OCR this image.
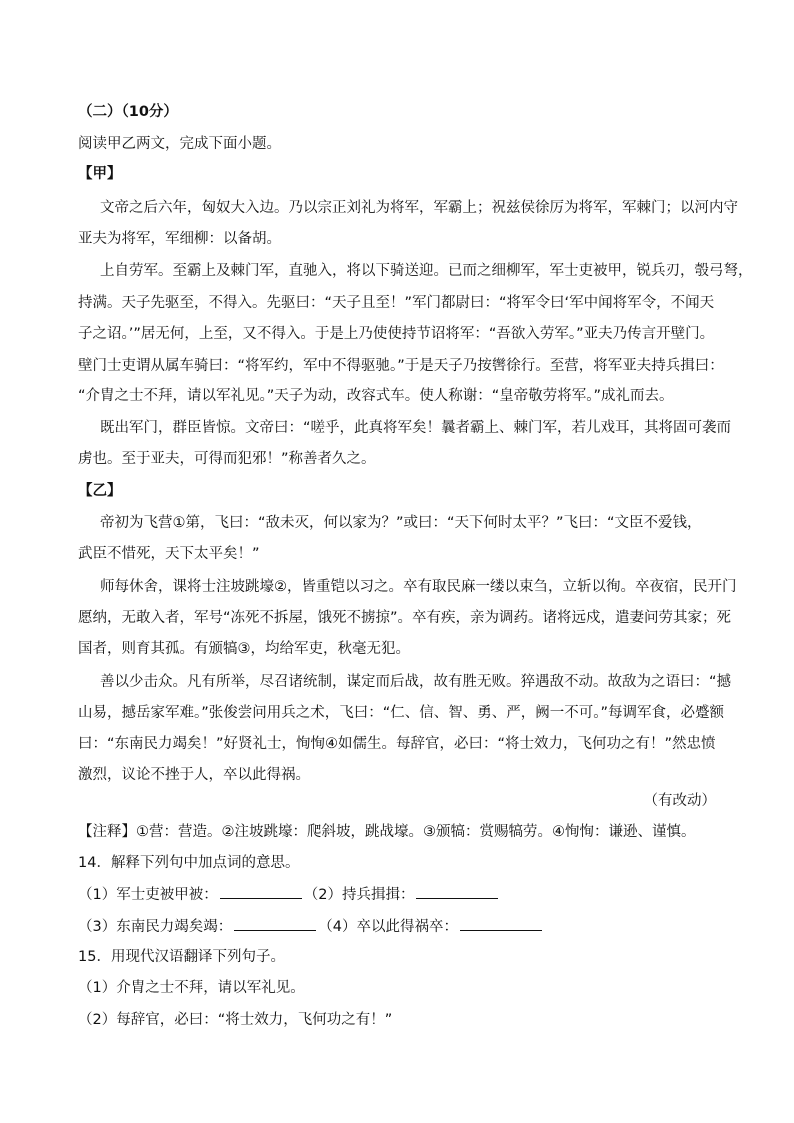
（二）（10分）
阅读甲乙两文，完成下面小题。
【甲】
文帝之后六年，匈奴大入边。乃以宗正刘礼为将军，军霸上；祝兹侯徐厉为将军，军棘门；以河内守
亚夫为将军，军细柳：以备胡。
上自劳军。至霸上及棘门军，直驰入，将以下骑送迎。已而之细柳军，军士吏被甲，锐兵刃，彀弓弩，
持满。天子先驱至，不得入。先驱曰：“天子且至！”军门都尉曰：“将军令曰‘军中闻将军令，不闻天
子之诏。’”居无何，上至，又不得入。于是上乃使使持节诏将军：“吾欲入劳军。”亚夫乃传言开壁门。
壁门士吏谓从属车骑曰：“将军约，军中不得驱驰。”于是天子乃按辔徐行。至营，将军亚夫持兵揖曰：
“介胄之士不拜，请以军礼见。”天子为动，改容式车。使人称谢：“皇帝敬劳将军。”成礼而去。
既出军门，群臣皆惊。文帝曰：“嗟乎，此真将军矣！曩者霸上、棘门军，若儿戏耳，其将固可袭而
虏也。至于亚夫，可得而犯邪！”称善者久之。
【乙】
帝初为飞营①第，飞曰：“敌未灭，何以家为？”或曰：“天下何时太平？”飞曰：“文臣不爱钱，
武臣不惜死，天下太平矣！”
师每休舍，课将士注坡跳壕②，皆重铠以习之。卒有取民麻一缕以束刍，立斩以徇。卒夜宿，民开门
愿纳，无敢入者，军号“冻死不拆屋，饿死不掳掠”。卒有疾，亲为调药。诸将远戍，遣妻问劳其家；死
国者，则育其孤。有颁犒③，均给军吏，秋毫无犯。
善以少击众。凡有所举，尽召诸统制，谋定而后战，故有胜无败。猝遇敌不动。故敌为之语曰：“撼
山易，撼岳家军难。”张俊尝问用兵之术，飞曰：“仁、信、智、勇、严，阙一不可。”每调军食，必蹙额
曰：“东南民力竭矣！”好贤礼士，恂恂④如儒生。每辞官，必曰：“将士效力，飞何功之有！”然忠愤
激烈，议论不挫于人，卒以此得祸。
（有改动）
【注释】①营：营造。②注坡跳壕：爬斜坡，跳战壕。③颁犒：赏赐犒劳。④恂恂：谦逊、谨慎。
14．解释下列句中加点词的意思。
（1）军士吏被甲被：	（2）持兵揖揖：
（3）东南民力竭矣竭：	（4）卒以此得祸卒：
15．用现代汉语翻译下列句子。
（1）介胄之士不拜，请以军礼见。
（2）每辞官，必曰：“将士效力，飞何功之有！”
